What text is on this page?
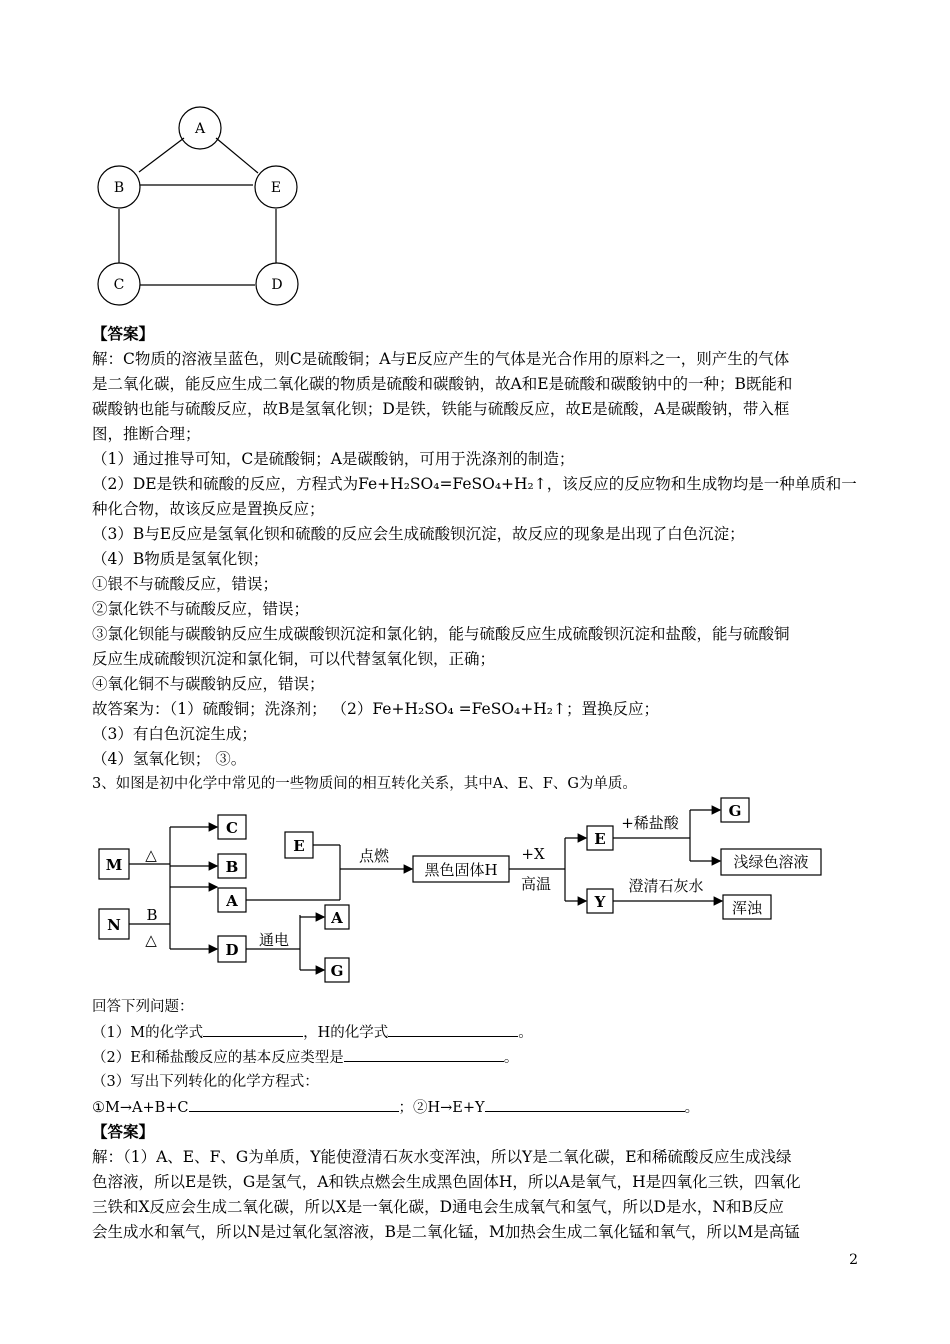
A
B	E
C	D
【答案】
解：C物质的溶液呈蓝色，则C是硫酸铜；A与E反应产生的气体是光合作用的原料之一，则产生的气体
是二氧化碳，能反应生成二氧化碳的物质是硫酸和碳酸钠，故A和E是硫酸和碳酸钠中的一种；B既能和
碳酸钠也能与硫酸反应，故B是氢氧化钡；D是铁，铁能与硫酸反应，故E是硫酸，A是碳酸钠，带入框
图，推断合理；
（1）通过推导可知，C是硫酸铜；A是碳酸钠，可用于洗涤剂的制造；
（2）DE是铁和硫酸的反应，方程式为Fe+H₂SO₄=FeSO₄+H₂↑，该反应的反应物和生成物均是一种单质和一
种化合物，故该反应是置换反应；
（3）B与E反应是氢氧化钡和硫酸的反应会生成硫酸钡沉淀，故反应的现象是出现了白色沉淀；
（4）B物质是氢氧化钡；
①银不与硫酸反应，错误；
②氯化铁不与硫酸反应，错误；
③氯化钡能与碳酸钠反应生成碳酸钡沉淀和氯化钠，能与硫酸反应生成硫酸钡沉淀和盐酸，能与硫酸铜
反应生成硫酸钡沉淀和氯化铜，可以代替氢氧化钡，正确；
④氧化铜不与碳酸钠反应，错误；
故答案为：（1）硫酸铜；洗涤剂； （2）Fe+H₂SO₄ =FeSO₄+H₂↑；置换反应；
（3）有白色沉淀生成；
（4）氢氧化钡； ③。
3、如图是初中化学中常见的一些物质间的相互转化关系，其中A、E、F、G为单质。
M
N
C
B
A
D
E	E
Y
G
A
G
△
B
△
点燃
黑色固体H
+X
高温
+稀盐酸
浅绿色溶液
澄清石灰水
浑浊
通电
回答下列问题：
（1）M的化学式	，H的化学式	。
（2）E和稀盐酸反应的基本反应类型是	。
（3）写出下列转化的化学方程式：
①M→A+B+C	；②H→E+Y	。
【答案】
解：（1）A、E、F、G为单质，Y能使澄清石灰水变浑浊，所以Y是二氧化碳，E和稀硫酸反应生成浅绿
色溶液，所以E是铁，G是氢气，A和铁点燃会生成黑色固体H，所以A是氧气，H是四氧化三铁，四氧化
三铁和X反应会生成二氧化碳，所以X是一氧化碳，D通电会生成氧气和氢气，所以D是水，N和B反应
会生成水和氧气，所以N是过氧化氢溶液，B是二氧化锰，M加热会生成二氧化锰和氧气，所以M是高锰
2
